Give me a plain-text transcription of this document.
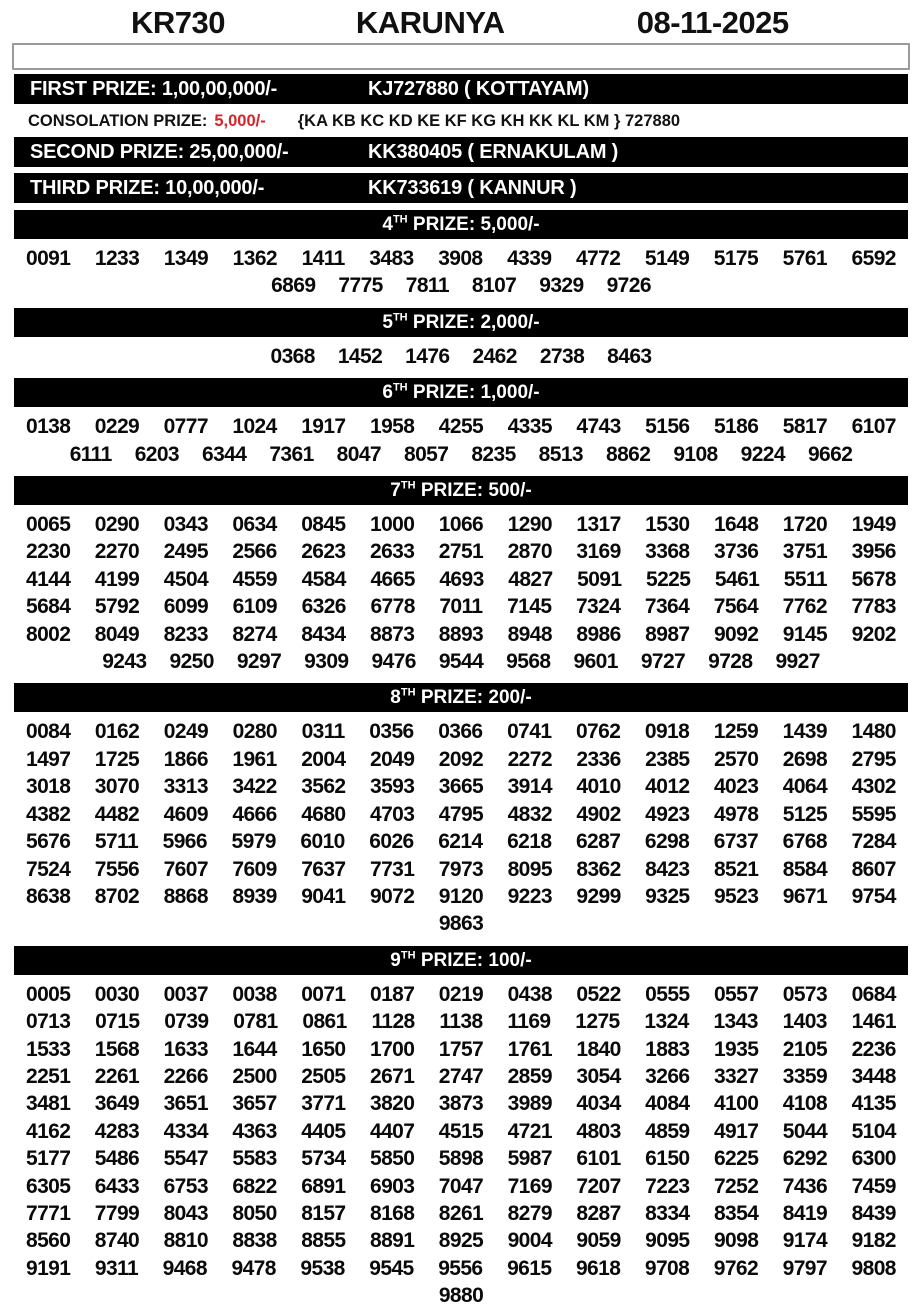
KR730	KARUNYA	08-11-2025
FIRST PRIZE: 1,00,00,000/-	KJ727880 ( KOTTAYAM)
CONSOLATION PRIZE: 5,000/- {KA KB KC KD KE KF KG KH KK KL KM } 727880
SECOND PRIZE: 25,00,000/-	KK380405 ( ERNAKULAM )
THIRD PRIZE: 10,00,000/-	KK733619 ( KANNUR )
4TH PRIZE: 5,000/-
0091 1233 1349 1362 1411 3483 3908 4339 4772 5149 5175 5761 6592
6869 7775 7811 8107 9329 9726
5TH PRIZE: 2,000/-
0368 1452 1476 2462 2738 8463
6TH PRIZE: 1,000/-
0138 0229 0777 1024 1917 1958 4255 4335 4743 5156 5186 5817 6107
6111 6203 6344 7361 8047 8057 8235 8513 8862 9108 9224 9662
7TH PRIZE: 500/-
0065 0290 0343 0634 0845 1000 1066 1290 1317 1530 1648 1720 1949
2230 2270 2495 2566 2623 2633 2751 2870 3169 3368 3736 3751 3956
4144 4199 4504 4559 4584 4665 4693 4827 5091 5225 5461 5511 5678
5684 5792 6099 6109 6326 6778 7011 7145 7324 7364 7564 7762 7783
8002 8049 8233 8274 8434 8873 8893 8948 8986 8987 9092 9145 9202
9243 9250 9297 9309 9476 9544 9568 9601 9727 9728 9927
8TH PRIZE: 200/-
0084 0162 0249 0280 0311 0356 0366 0741 0762 0918 1259 1439 1480
1497 1725 1866 1961 2004 2049 2092 2272 2336 2385 2570 2698 2795
3018 3070 3313 3422 3562 3593 3665 3914 4010 4012 4023 4064 4302
4382 4482 4609 4666 4680 4703 4795 4832 4902 4923 4978 5125 5595
5676 5711 5966 5979 6010 6026 6214 6218 6287 6298 6737 6768 7284
7524 7556 7607 7609 7637 7731 7973 8095 8362 8423 8521 8584 8607
8638 8702 8868 8939 9041 9072 9120 9223 9299 9325 9523 9671 9754
9863
9TH PRIZE: 100/-
0005 0030 0037 0038 0071 0187 0219 0438 0522 0555 0557 0573 0684
0713 0715 0739 0781 0861 1128 1138 1169 1275 1324 1343 1403 1461
1533 1568 1633 1644 1650 1700 1757 1761 1840 1883 1935 2105 2236
2251 2261 2266 2500 2505 2671 2747 2859 3054 3266 3327 3359 3448
3481 3649 3651 3657 3771 3820 3873 3989 4034 4084 4100 4108 4135
4162 4283 4334 4363 4405 4407 4515 4721 4803 4859 4917 5044 5104
5177 5486 5547 5583 5734 5850 5898 5987 6101 6150 6225 6292 6300
6305 6433 6753 6822 6891 6903 7047 7169 7207 7223 7252 7436 7459
7771 7799 8043 8050 8157 8168 8261 8279 8287 8334 8354 8419 8439
8560 8740 8810 8838 8855 8891 8925 9004 9059 9095 9098 9174 9182
9191 9311 9468 9478 9538 9545 9556 9615 9618 9708 9762 9797 9808
9880
